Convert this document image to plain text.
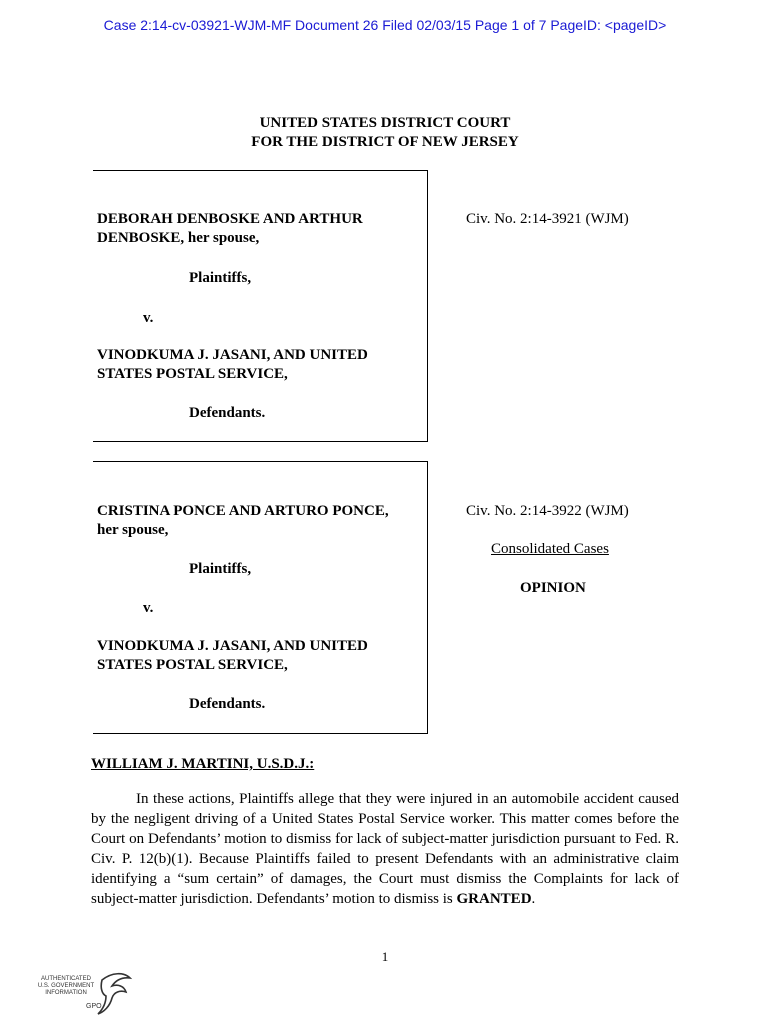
Case 2:14-cv-03921-WJM-MF Document 26 Filed 02/03/15 Page 1 of 7 PageID: <pageID>
UNITED STATES DISTRICT COURT
FOR THE DISTRICT OF NEW JERSEY
DEBORAH DENBOSKE AND ARTHUR
DENBOSKE, her spouse,
Plaintiffs,
v.
VINODKUMA J. JASANI, AND UNITED
STATES POSTAL SERVICE,
Defendants.
Civ. No. 2:14-3921 (WJM)
CRISTINA PONCE AND ARTURO PONCE,
her spouse,
Plaintiffs,
v.
VINODKUMA J. JASANI, AND UNITED
STATES POSTAL SERVICE,
Defendants.
Civ. No. 2:14-3922 (WJM)
Consolidated Cases
OPINION
WILLIAM J. MARTINI, U.S.D.J.:
In these actions, Plaintiffs allege that they were injured in an automobile accident caused by the negligent driving of a United States Postal Service worker. This matter comes before the Court on Defendants’ motion to dismiss for lack of subject-matter jurisdiction pursuant to Fed. R. Civ. P. 12(b)(1). Because Plaintiffs failed to present Defendants with an administrative claim identifying a “sum certain” of damages, the Court must dismiss the Complaints for lack of subject-matter jurisdiction. Defendants’ motion to dismiss is GRANTED.
1
AUTHENTICATED
U.S. GOVERNMENT
INFORMATION
GPO
